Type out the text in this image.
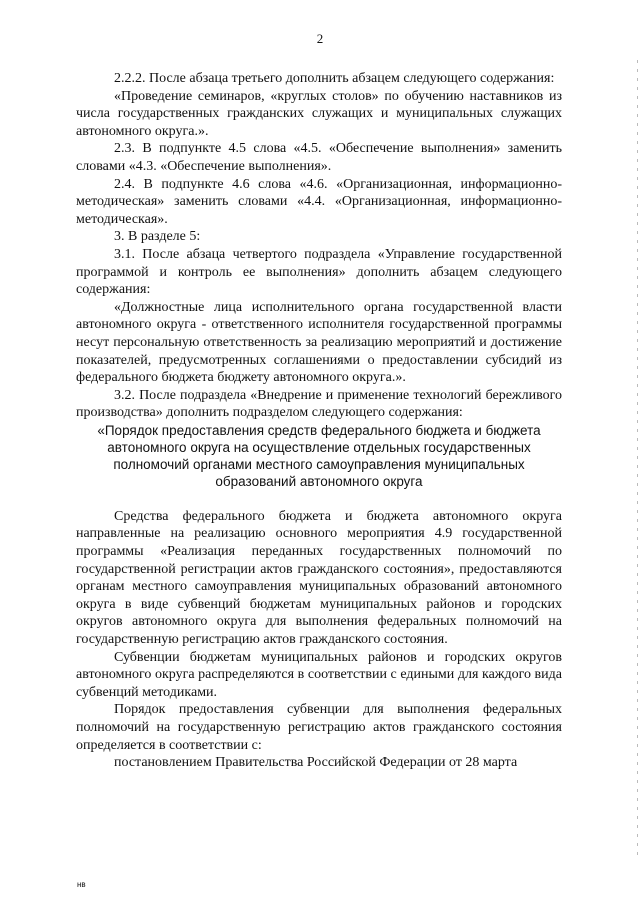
2

2.2.2. После абзаца третьего дополнить абзацем следующего содержания:

«Проведение семинаров, «круглых столов» по обучению наставников из числа государственных гражданских служащих и муниципальных служащих автономного округа.».

2.3. В подпункте 4.5 слова «4.5. «Обеспечение выполнения» заменить словами «4.3. «Обеспечение выполнения».

2.4. В подпункте 4.6 слова «4.6. «Организационная, информационно-методическая» заменить словами «4.4. «Организационная, информационно-методическая».

3. В разделе 5:

3.1. После абзаца четвертого подраздела «Управление государственной программой и контроль ее выполнения» дополнить абзацем следующего содержания:

«Должностные лица исполнительного органа государственной власти автономного округа - ответственного исполнителя государственной программы несут персональную ответственность за реализацию мероприятий и достижение показателей, предусмотренных соглашениями о предоставлении субсидий из федерального бюджета бюджету автономного округа.».

3.2. После подраздела «Внедрение и применение технологий бережливого производства» дополнить подразделом следующего содержания:

«Порядок предоставления средств федерального бюджета и бюджета автономного округа на осуществление отдельных государственных полномочий органами местного самоуправления муниципальных образований автономного округа

Средства федерального бюджета и бюджета автономного округа направленные на реализацию основного мероприятия 4.9 государственной программы «Реализация переданных государственных полномочий по государственной регистрации актов гражданского состояния», предоставляются органам местного самоуправления муниципальных образований автономного округа в виде субвенций бюджетам муниципальных районов и городских округов автономного округа для выполнения федеральных полномочий на государственную регистрацию актов гражданского состояния.

Субвенции бюджетам муниципальных районов и городских округов автономного округа распределяются в соответствии с едиными для каждого вида субвенций методиками.

Порядок предоставления субвенции для выполнения федеральных полномочий на государственную регистрацию актов гражданского состояния определяется в соответствии с:

постановлением Правительства Российской Федерации от 28 марта

нв
